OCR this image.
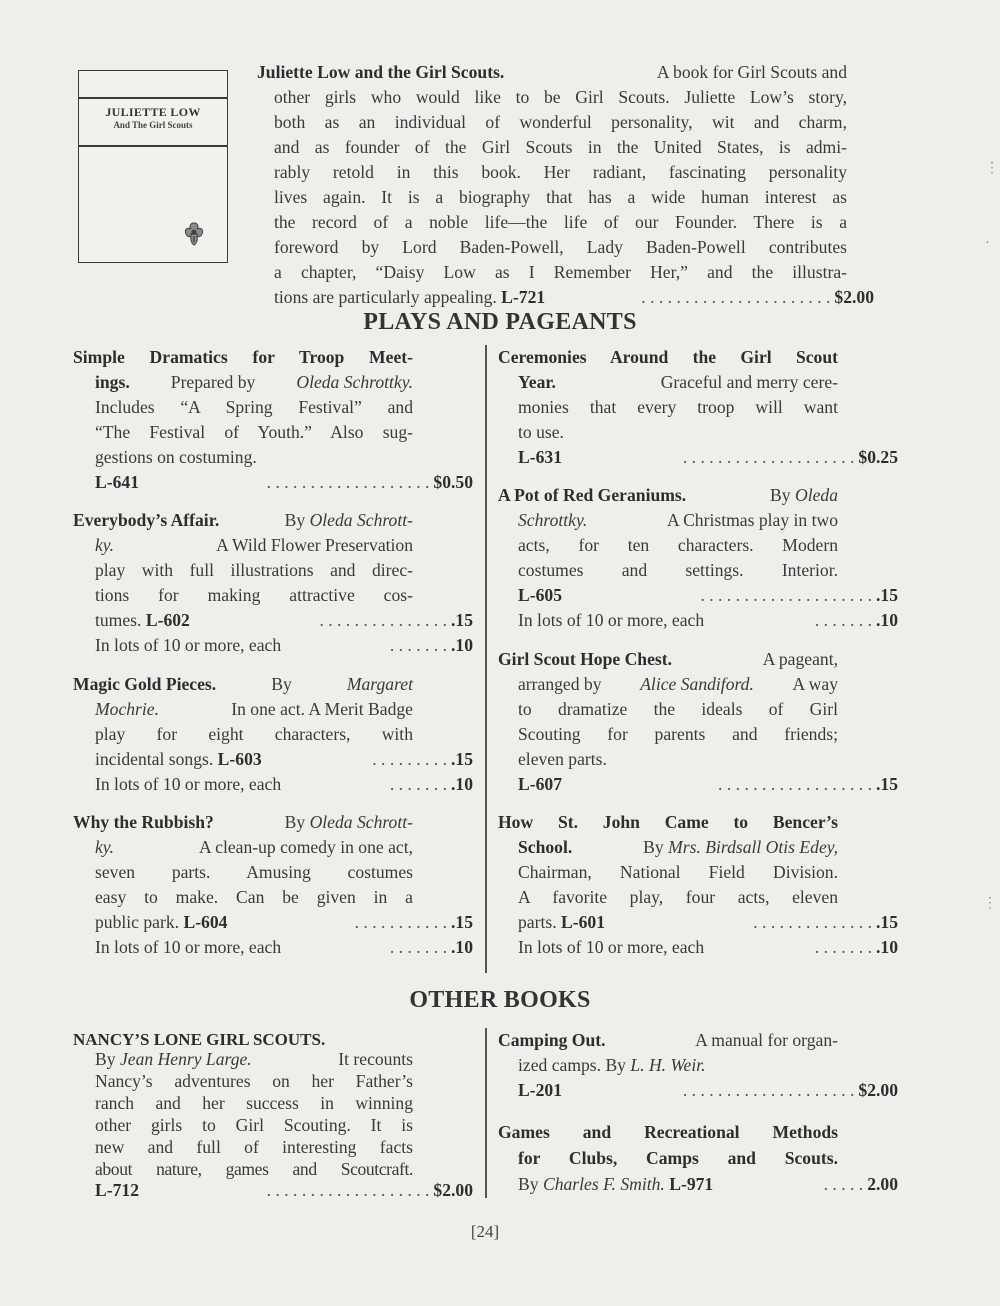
JULIETTE LOW
And The Girl Scouts
Juliette Low and the Girl Scouts.	A book for Girl Scouts and
other girls who would like to be Girl Scouts. Juliette Low’s story,
both as an individual of wonderful personality, wit and charm,
and as founder of the Girl Scouts in the United States, is admi-
rably retold in this book. Her radiant, fascinating personality
lives again. It is a biography that has a wide human interest as
the record of a noble life—the life of our Founder. There is a
foreword by Lord Baden-Powell, Lady Baden-Powell contributes
a chapter, “Daisy Low as I Remember Her,” and the illustra-
tions are particularly appealing.
L-721	. . . . . . . . . . . . . . . . . . . . . . $2.00
PLAYS AND PAGEANTS
Simple Dramatics for Troop Meet-
ings. Prepared by Oleda Schrottky.
Includes “A Spring Festival” and
“The Festival of Youth.” Also sug-
gestions on costuming.
L-641	. . . . . . . . . . . . . . . . . . . $0.50
Everybody’s Affair.	By Oleda Schrott-
ky.	A Wild Flower Preservation
play with full illustrations and direc-
tions for making attractive cos-
tumes.
L-602	. . . . . . . . . . . . . . . .15
In lots of 10 or more, each	. . . . . . . .10
Magic Gold Pieces.	By	Margaret
Mochrie.	In one act. A Merit Badge
play for eight characters, with
incidental songs.
L-603	. . . . . . . . . .15
In lots of 10 or more, each	. . . . . . . .10
Why the Rubbish?	By Oleda Schrott-
ky.	A clean-up comedy in one act,
seven parts. Amusing costumes
easy to make. Can be given in a
public park.
L-604	. . . . . . . . . . . .15
In lots of 10 or more, each	. . . . . . . .10
Ceremonies Around the Girl Scout
Year.	Graceful and merry cere-
monies that every troop will want
to use.
L-631	. . . . . . . . . . . . . . . . . . . . $0.25
A Pot of Red Geraniums.	By Oleda
Schrottky.	A Christmas play in two
acts, for ten characters. Modern
costumes and settings. Interior.
L-605	. . . . . . . . . . . . . . . . . . . . .15
In lots of 10 or more, each	. . . . . . . .10
Girl Scout Hope Chest.	A pageant,
arranged by Alice Sandiford. A way
to dramatize the ideals of Girl
Scouting for parents and friends;
eleven parts.
L-607	. . . . . . . . . . . . . . . . . . .15
How St. John Came to Bencer’s
School.	By Mrs. Birdsall Otis Edey,
Chairman, National Field Division.
A favorite play, four acts, eleven
parts.
L-601	. . . . . . . . . . . . . . .15
In lots of 10 or more, each	. . . . . . . .10
OTHER BOOKS
NANCY’S LONE GIRL SCOUTS.
By Jean Henry Large.	It recounts
Nancy’s adventures on her Father’s
ranch and her success in winning
other girls to Girl Scouting. It is
new and full of interesting facts
about nature, games and Scoutcraft.
L-712	. . . . . . . . . . . . . . . . . . . $2.00
Camping Out.	A manual for organ-
ized camps. By L. H. Weir.
L-201	. . . . . . . . . . . . . . . . . . . . $2.00
Games and Recreational Methods
for Clubs, Camps and Scouts.
By
Charles F. Smith.
L-971	. . . . . 2.00
[24]
⋮
⋅
⋮
